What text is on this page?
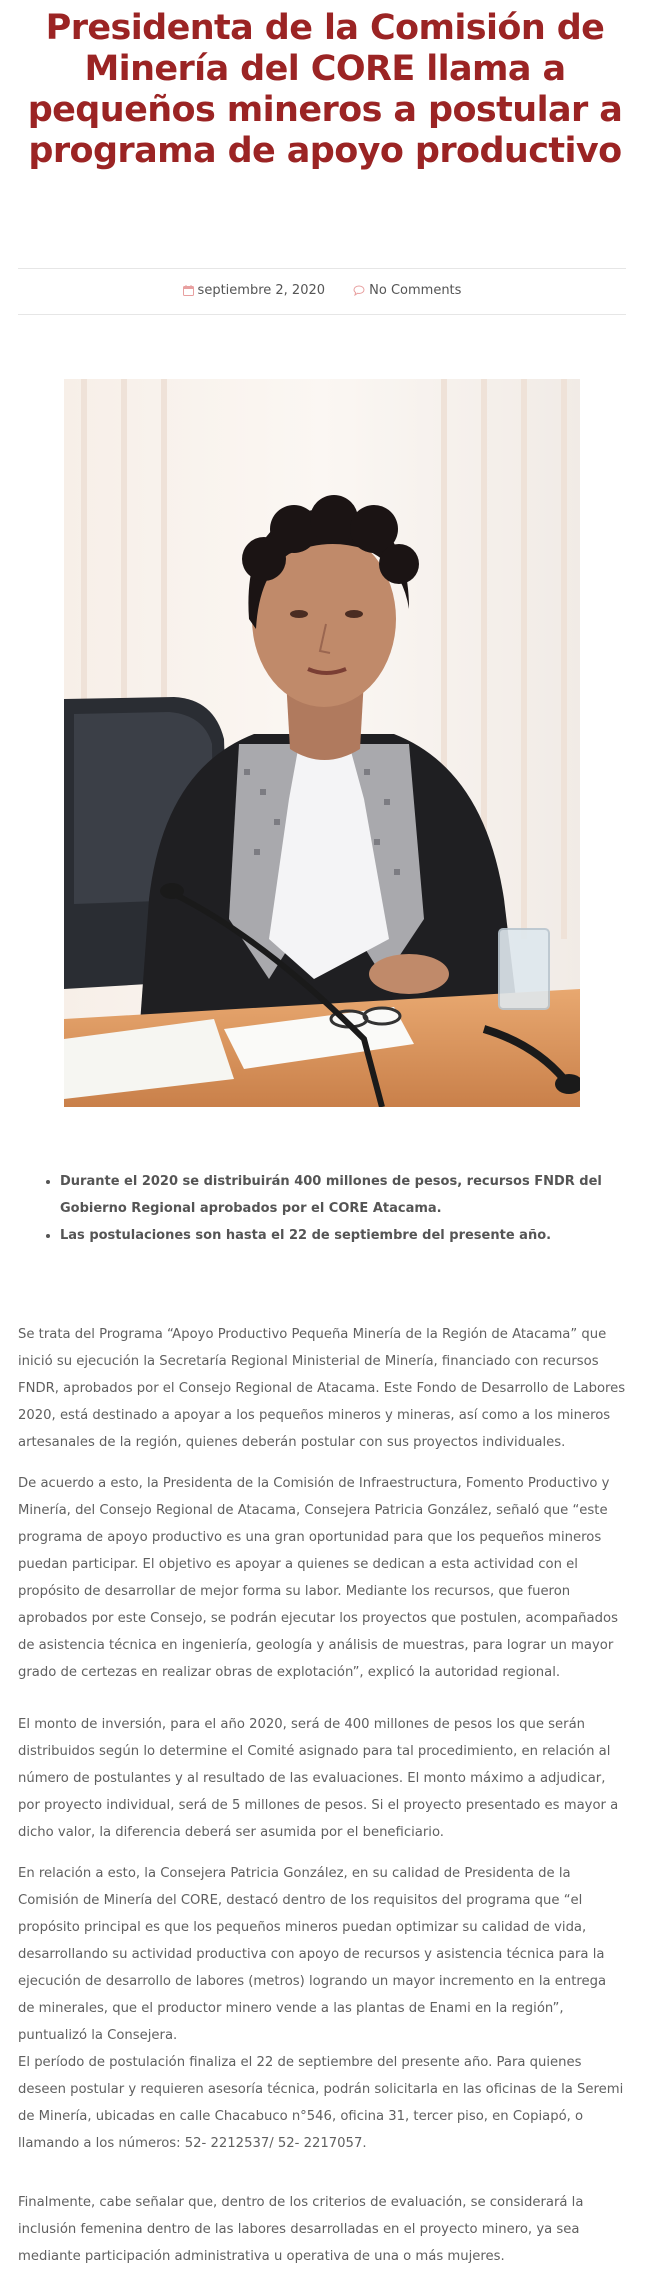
Presidenta de la Comisión de Minería del CORE llama a pequeños mineros a postular a programa de apoyo productivo
septiembre 2, 2020	No Comments
• Durante el 2020 se distribuirán 400 millones de pesos, recursos FNDR del Gobierno Regional aprobados por el CORE Atacama.
• Las postulaciones son hasta el 22 de septiembre del presente año.

Se trata del Programa “Apoyo Productivo Pequeña Minería de la Región de Atacama” que inició su ejecución la Secretaría Regional Ministerial de Minería, financiado con recursos FNDR, aprobados por el Consejo Regional de Atacama. Este Fondo de Desarrollo de Labores 2020, está destinado a apoyar a los pequeños mineros y mineras, así como a los mineros artesanales de la región, quienes deberán postular con sus proyectos individuales.

De acuerdo a esto, la Presidenta de la Comisión de Infraestructura, Fomento Productivo y Minería, del Consejo Regional de Atacama, Consejera Patricia González, señaló que “este programa de apoyo productivo es una gran oportunidad para que los pequeños mineros puedan participar. El objetivo es apoyar a quienes se dedican a esta actividad con el propósito de desarrollar de mejor forma su labor. Mediante los recursos, que fueron aprobados por este Consejo, se podrán ejecutar los proyectos que postulen, acompañados de asistencia técnica en ingeniería, geología y análisis de muestras, para lograr un mayor grado de certezas en realizar obras de explotación”, explicó la autoridad regional.

El monto de inversión, para el año 2020, será de 400 millones de pesos los que serán distribuidos según lo determine el Comité asignado para tal procedimiento, en relación al número de postulantes y al resultado de las evaluaciones. El monto máximo a adjudicar, por proyecto individual, será de 5 millones de pesos. Si el proyecto presentado es mayor a dicho valor, la diferencia deberá ser asumida por el beneficiario.

En relación a esto, la Consejera Patricia González, en su calidad de Presidenta de la Comisión de Minería del CORE, destacó dentro de los requisitos del programa que “el propósito principal es que los pequeños mineros puedan optimizar su calidad de vida, desarrollando su actividad productiva con apoyo de recursos y asistencia técnica para la ejecución de desarrollo de labores (metros) logrando un mayor incremento en la entrega de minerales, que el productor minero vende a las plantas de Enami en la región”, puntualizó la Consejera.

El período de postulación finaliza el 22 de septiembre del presente año. Para quienes deseen postular y requieren asesoría técnica, podrán solicitarla en las oficinas de la Seremi de Minería, ubicadas en calle Chacabuco n°546, oficina 31, tercer piso, en Copiapó, o llamando a los números: 52- 2212537/ 52- 2217057.

Finalmente, cabe señalar que, dentro de los criterios de evaluación, se considerará la inclusión femenina dentro de las labores desarrolladas en el proyecto minero, ya sea mediante participación administrativa u operativa de una o más mujeres.
